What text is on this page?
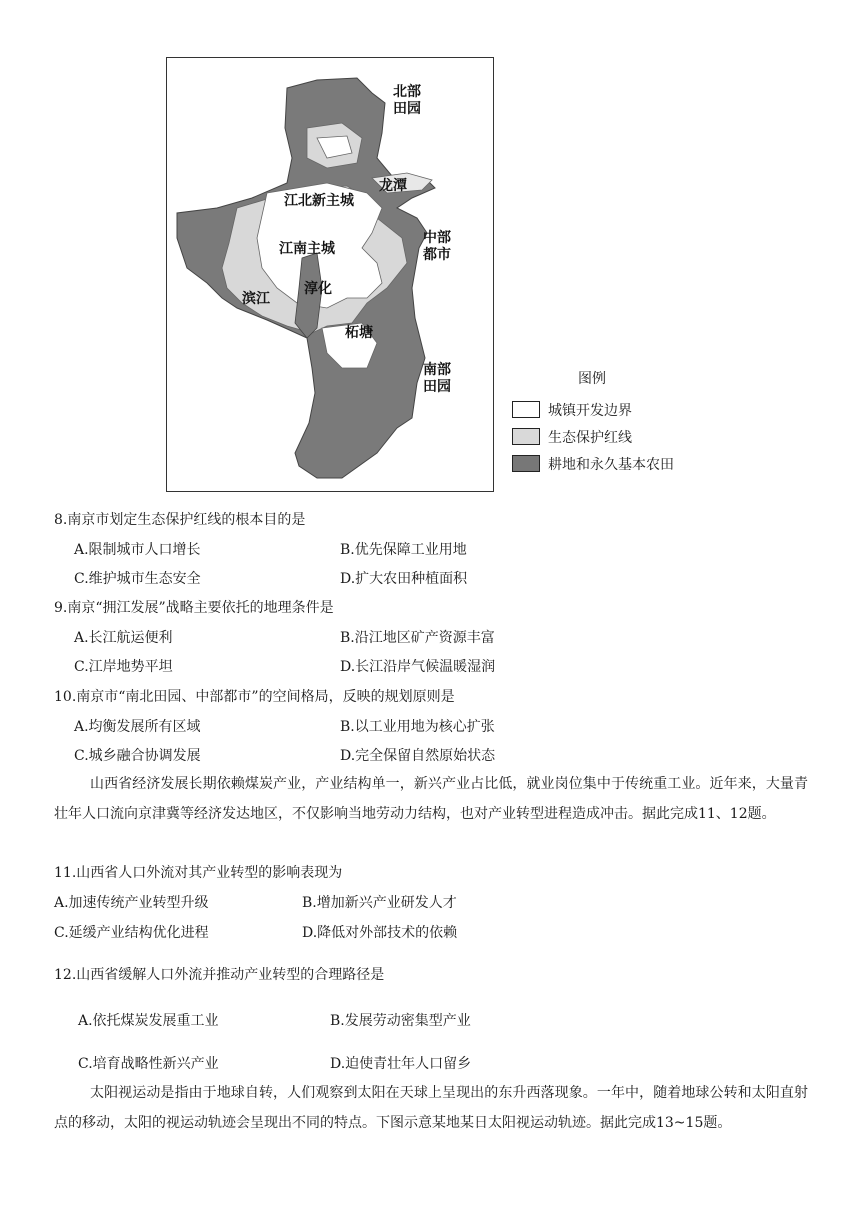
北部
田园
龙潭
江北新主城
中部
都市
江南主城
滨江
淳化
柘塘
南部
田园	图例
城镇开发边界
生态保护红线
耕地和永久基本农田
8.南京市划定生态保护红线的根本目的是
A.限制城市人口增长	B.优先保障工业用地
C.维护城市生态安全	D.扩大农田种植面积
9.南京“拥江发展”战略主要依托的地理条件是
A.长江航运便利	B.沿江地区矿产资源丰富
C.江岸地势平坦	D.长江沿岸气候温暖湿润
10.南京市“南北田园、中部都市”的空间格局，反映的规划原则是
A.均衡发展所有区域	B.以工业用地为核心扩张
C.城乡融合协调发展	D.完全保留自然原始状态
山西省经济发展长期依赖煤炭产业，产业结构单一，新兴产业占比低，就业岗位集中于传统重工业。近年来，大量青壮年人口流向京津冀等经济发达地区，不仅影响当地劳动力结构，也对产业转型进程造成冲击。据此完成11、12题。
11.山西省人口外流对其产业转型的影响表现为
A.加速传统产业转型升级	B.增加新兴产业研发人才
C.延缓产业结构优化进程	D.降低对外部技术的依赖
12.山西省缓解人口外流并推动产业转型的合理路径是
A.依托煤炭发展重工业	B.发展劳动密集型产业
C.培育战略性新兴产业	D.迫使青壮年人口留乡
太阳视运动是指由于地球自转，人们观察到太阳在天球上呈现出的东升西落现象。一年中，随着地球公转和太阳直射点的移动，太阳的视运动轨迹会呈现出不同的特点。下图示意某地某日太阳视运动轨迹。据此完成13~15题。
